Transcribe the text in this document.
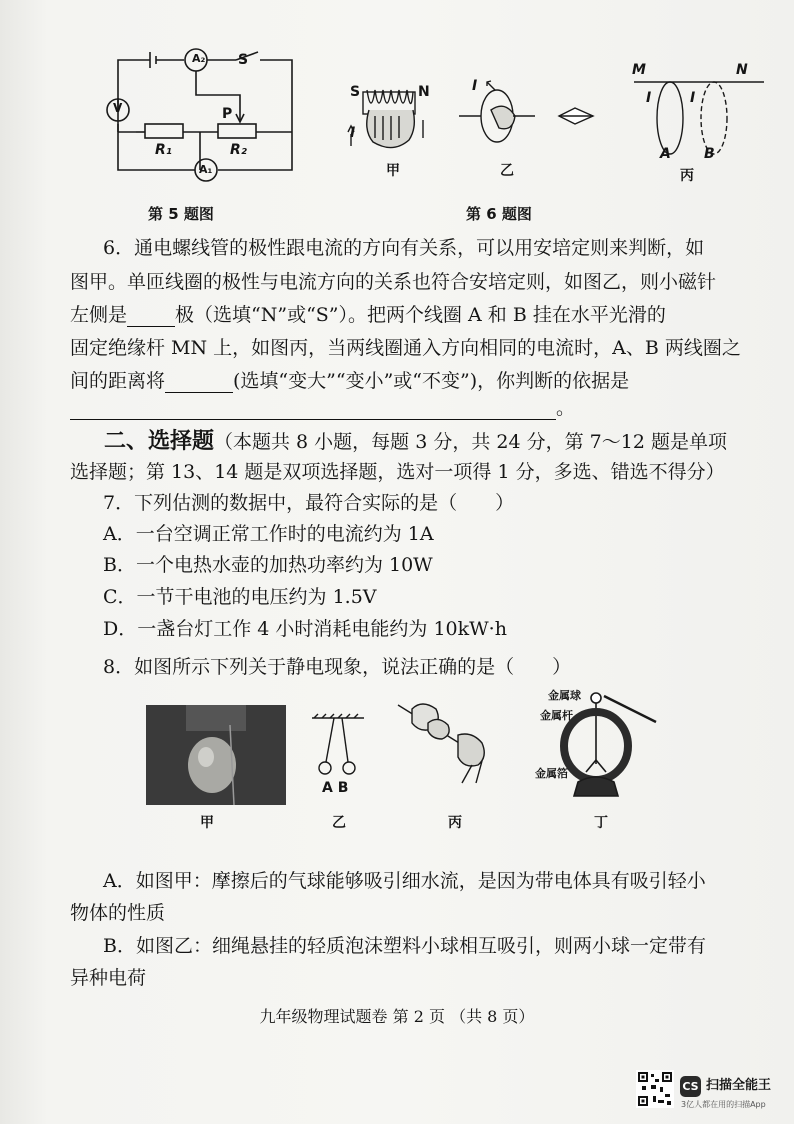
A₂ S
V	P
R₁	R₂
A₁
第 5 题图
S	N
I
甲
I
乙
M	N
I	I
A B
丙
第 6 题图
6．通电螺线管的极性跟电流的方向有关系，可以用安培定则来判断，如
图甲。单匝线圈的极性与电流方向的关系也符合安培定则，如图乙，则小磁针
左侧是	极（选填“N”或“S”）。把两个线圈 A 和 B 挂在水平光滑的
固定绝缘杆 MN 上，如图丙，当两线圈通入方向相同的电流时，A、B 两线圈之
间的距离将	(选填“变大”“变小”或“不变”)，你判断的依据是
。
二、选择题（本题共 8 小题，每题 3 分，共 24 分，第 7～12 题是单项
选择题；第 13、14 题是双项选择题，选对一项得 1 分，多选、错选不得分）
7．下列估测的数据中，最符合实际的是（　　）
A．一台空调正常工作时的电流约为 1A
B．一个电热水壶的加热功率约为 10W
C．一节干电池的电压约为 1.5V
D．一盏台灯工作 4 小时消耗电能约为 10kW·h
8．如图所示下列关于静电现象，说法正确的是（　　）
甲
A B
乙	丙
金属球
金属杆
金属箔
丁
A．如图甲：摩擦后的气球能够吸引细水流，是因为带电体具有吸引轻小
物体的性质
B．如图乙：细绳悬挂的轻质泡沫塑料小球相互吸引，则两小球一定带有
异种电荷
九年级物理试题卷 第 2 页 （共 8 页）
CS 扫描全能王
3亿人都在用的扫描App
